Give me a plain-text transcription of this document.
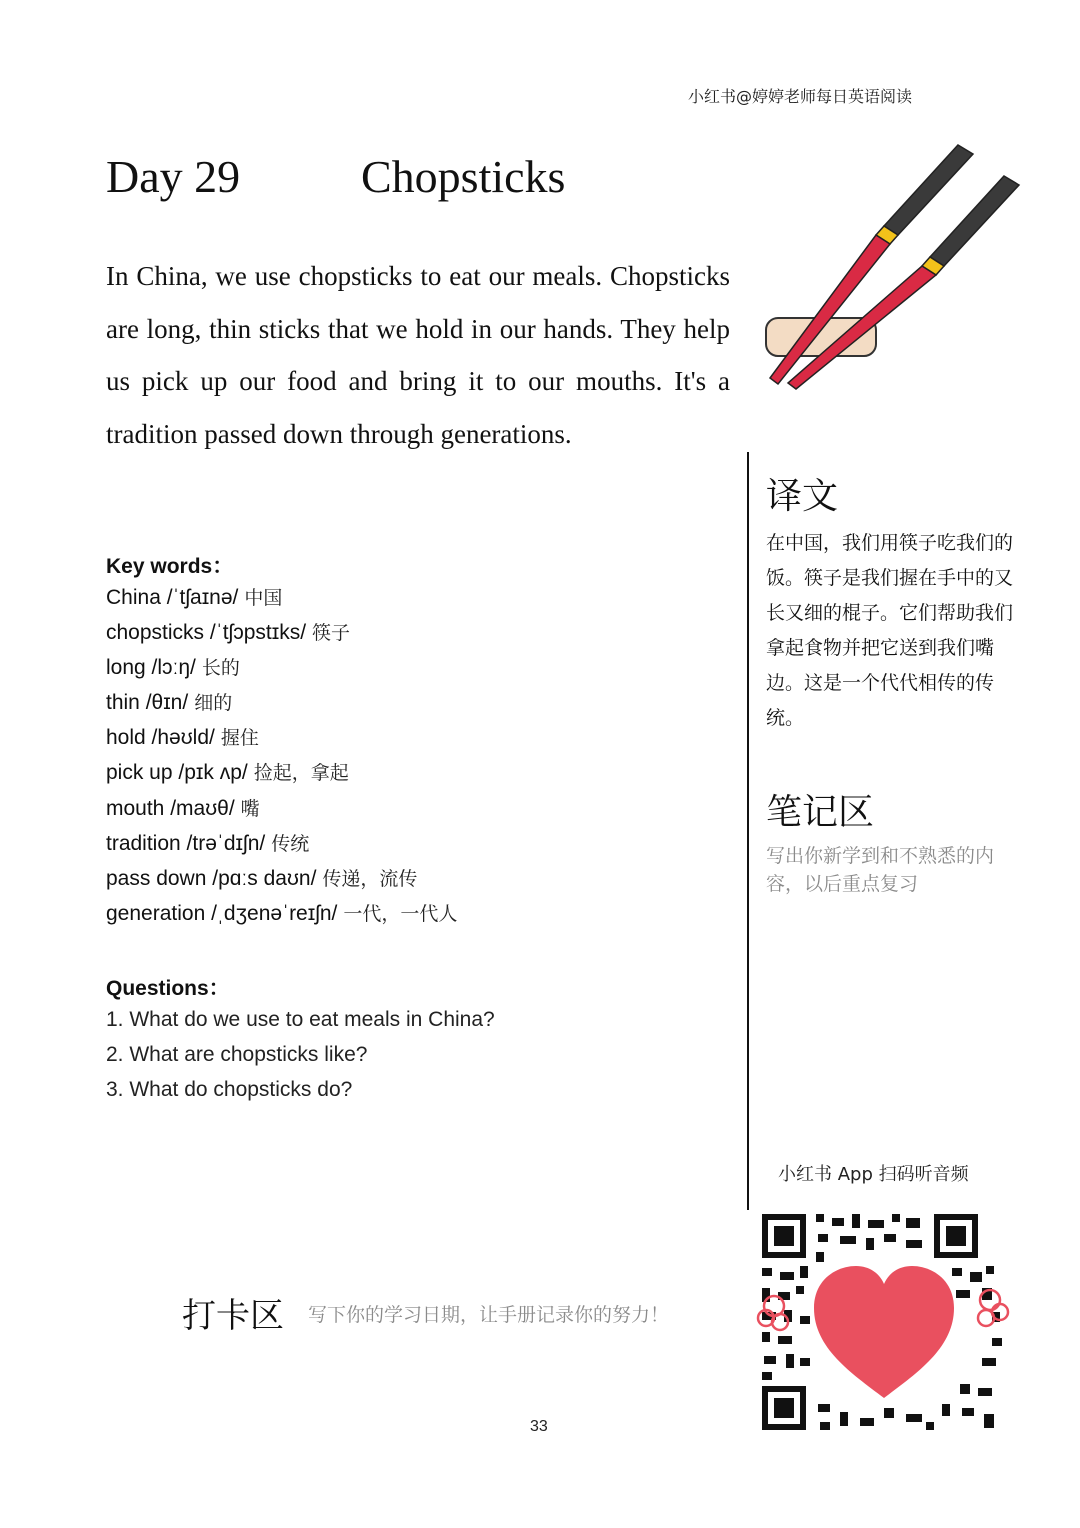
小红书@婷婷老师每日英语阅读
Day 29	Chopsticks
In China, we use chopsticks to eat our meals. Chopsticks are long, thin sticks that we hold in our hands. They help us pick up our food and bring it to our mouths. It's a tradition passed down through generations.
Key words：
China /ˈtʃaɪnə/ 中国
chopsticks /ˈtʃɔpstɪks/ 筷子
long /lɔːŋ/ 长的
thin /θɪn/ 细的
hold /həʊld/ 握住
pick up /pɪk ʌp/ 捡起，拿起
mouth /maʊθ/ 嘴
tradition /trəˈdɪʃn/ 传统
pass down /pɑːs daʊn/ 传递，流传
generation /ˌdʒenəˈreɪʃn/ 一代，一代人
Questions：
1. What do we use to eat meals in China?
2. What are chopsticks like?
3. What do chopsticks do?
译文
在中国，我们用筷子吃我们的饭。筷子是我们握在手中的又长又细的棍子。它们帮助我们拿起食物并把它送到我们嘴边。这是一个代代相传的传统。
笔记区
写出你新学到和不熟悉的内容，以后重点复习
小红书 App 扫码听音频
打卡区 写下你的学习日期，让手册记录你的努力！
33
